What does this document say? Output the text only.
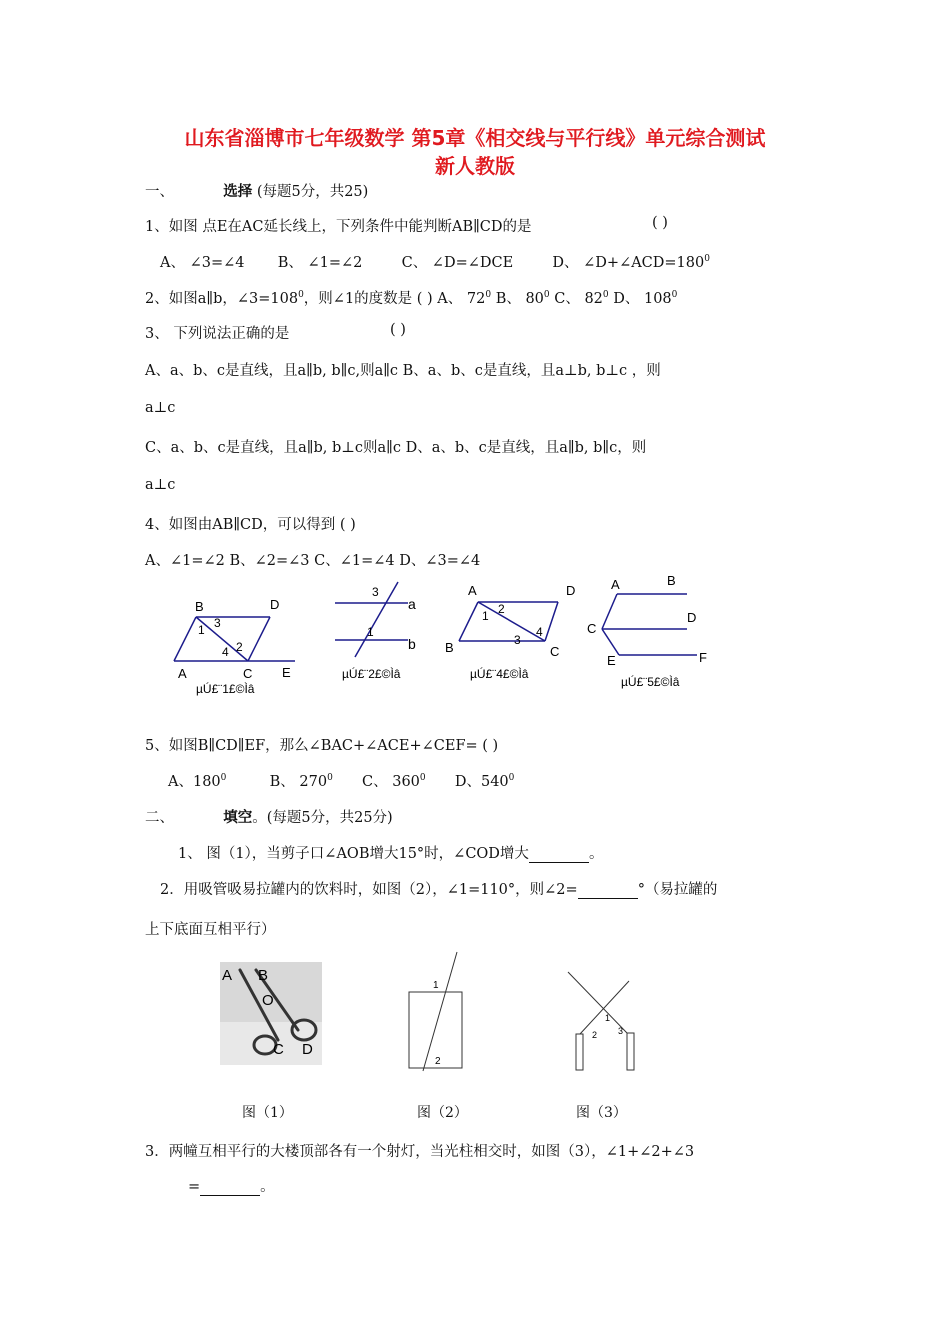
山东省淄博市七年级数学 第5章《相交线与平行线》单元综合测试
新人教版
一、	选择 (每题5分，共25)
1、如图 点E在AC延长线上，下列条件中能判断AB∥CD的是	( )
A、 ∠3=∠4 B、 ∠1=∠2	C、 ∠D=∠DCE	D、 $\angle D+\angle ACD=180^0$
2、如图a∥b，$\angle 3=108^0$，则∠1的度数是 ( ) A、 $72^0$ B、 $80^0$ C、 $82^0$ D、 $108^0$
3、 下列说法正确的是	( )
A、a、b、c是直线，且a∥b, b∥c,则a∥c B、a、b、c是直线，且a⊥b, b⊥c ，则
a⊥c
C、a、b、c是直线，且a∥b, b⊥c则a∥c D、a、b、c是直线，且a∥b, b∥c，则
a⊥c
4、如图由AB∥CD，可以得到 ( )
A、∠1=∠2 B、∠2=∠3 C、∠1=∠4 D、∠3=∠4
B	D
1 3
2
4
A	C E
µÚ£¨1£©Ìâ
3
a
1
b
µÚ£¨2£©Ìâ
A	D
1 2
3
4
B	C
µÚ£¨4£©Ìâ
A	B
D
C
E	F
µÚ£¨5£©Ìâ
5、如图B∥CD∥EF，那么∠BAC+∠ACE+∠CEF= ( )
A、$180^0$	B、 $270^0$ C、 $360^0$ D、$540^0$
二、	填空。(每题5分，共25分)
1、 图（1），当剪子口∠AOB增大15°时，∠COD增大	。
2．用吸管吸易拉罐内的饮料时，如图（2），∠1=110°，则∠2=	°（易拉罐的
上下底面互相平行）
A B
O
C D
1
2
1
2 3
图（1）	图（2）	图（3）
3．两幢互相平行的大楼顶部各有一个射灯，当光柱相交时，如图（3），∠1+∠2+∠3
=	。
